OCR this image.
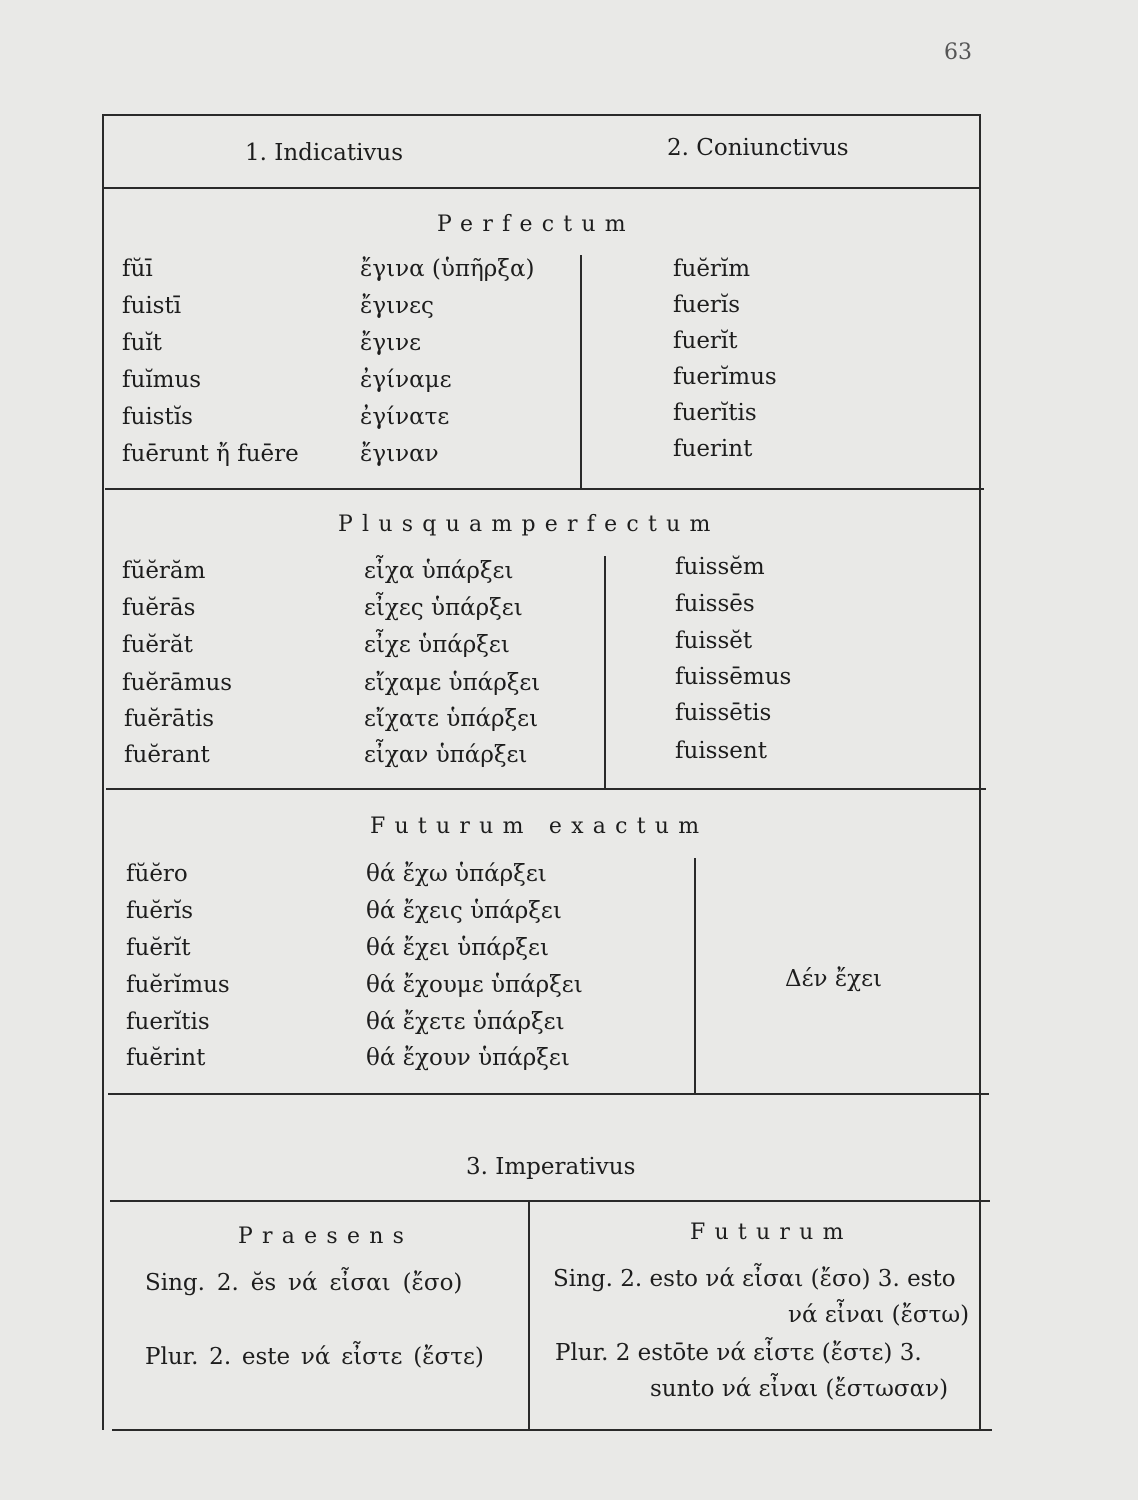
63
1. Indicativus	2. Coniunctivus
Perfectum
fŭī
fuistī
fuĭt
fuĭmus
fuistĭs
fuērunt ἤ fuēre
ἔγινα (ὑπῆρξα)
ἔγινες
ἔγινε
ἐγίναμε
ἐγίνατε
ἔγιναν
fuĕrĭm
fuerĭs
fuerĭt
fuerĭmus
fuerĭtis
fuerint
Plusquamperfectum
fŭĕrăm
fuĕrās
fuĕrăt
fuĕrāmus
fuĕrātis
fuĕrant
εἶχα ὑπάρξει
εἶχες ὑπάρξει
εἶχε ὑπάρξει
εἴχαμε ὑπάρξει
εἴχατε ὑπάρξει
εἶχαν ὑπάρξει
fuissĕm
fuissēs
fuissĕt
fuissēmus
fuissētis
fuissent
Futurum exactum
fŭĕro
fuĕrĭs
fuĕrĭt
fuĕrĭmus
fuerĭtis
fuĕrint
θά ἔχω ὑπάρξει
θά ἔχεις ὑπάρξει
θά ἔχει ὑπάρξει
θά ἔχουμε ὑπάρξει
θά ἔχετε ὑπάρξει
θά ἔχουν ὑπάρξει
Δέν ἔχει
3. Imperativus
Praesens
Sing. 2. ĕs νά εἶσαι (ἔσο)
Plur. 2. este νά εἶστε (ἔστε)
Futurum
Sing. 2. esto νά εἶσαι (ἔσο) 3. esto
νά εἶναι (ἔστω)
Plur. 2 estōte νά εἶστε (ἔστε) 3.
sunto νά εἶναι (ἔστωσαν)
